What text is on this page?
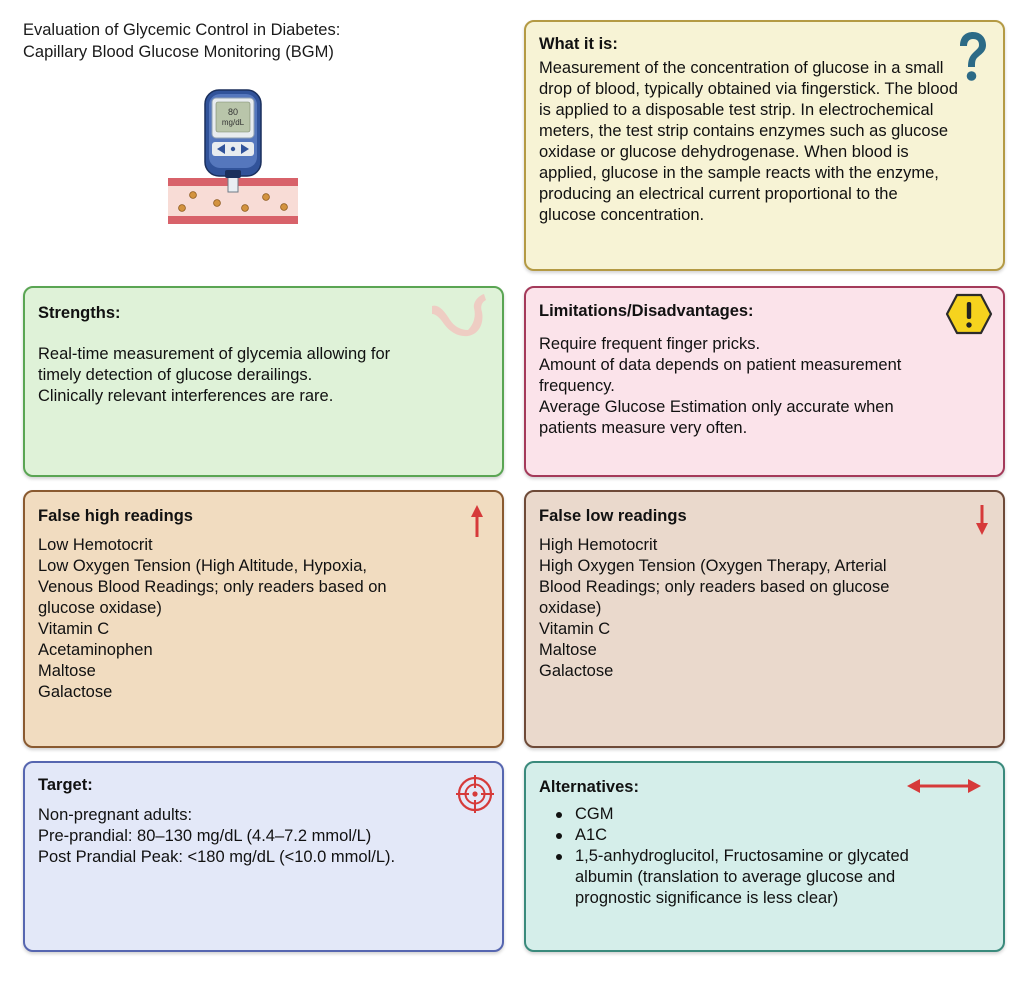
Evaluation of Glycemic Control in Diabetes:
Capillary Blood Glucose Monitoring (BGM)
80
mg/dL
What it is:
Measurement of the concentration of glucose in a small drop of blood, typically obtained via fingerstick. The blood is applied to a disposable test strip. In electrochemical meters, the test strip contains enzymes such as glucose oxidase or glucose dehydrogenase. When blood is applied, glucose in the sample reacts with the enzyme, producing an electrical current proportional to the glucose concentration.
Strengths:
Real-time measurement of glycemia allowing for
timely detection of glucose derailings.
Clinically relevant interferences are rare.
Limitations/Disadvantages:
Require frequent finger pricks.
Amount of data depends on patient measurement
frequency.
Average Glucose Estimation only accurate when
patients measure very often.
False high readings
Low Hemotocrit
Low Oxygen Tension (High Altitude, Hypoxia,
Venous Blood Readings; only readers based on
glucose oxidase)
Vitamin C
Acetaminophen
Maltose
Galactose
False low readings
High Hemotocrit
High Oxygen Tension (Oxygen Therapy, Arterial
Blood Readings; only readers based on glucose
oxidase)
Vitamin C
Maltose
Galactose
Target:
Non-pregnant adults:
Pre-prandial: 80–130 mg/dL (4.4–7.2 mmol/L)
Post Prandial Peak: <180 mg/dL (<10.0 mmol/L).
Alternatives:
CGM
A1C
1,5-anhydroglucitol, Fructosamine or glycated
albumin (translation to average glucose and
prognostic significance is less clear)
